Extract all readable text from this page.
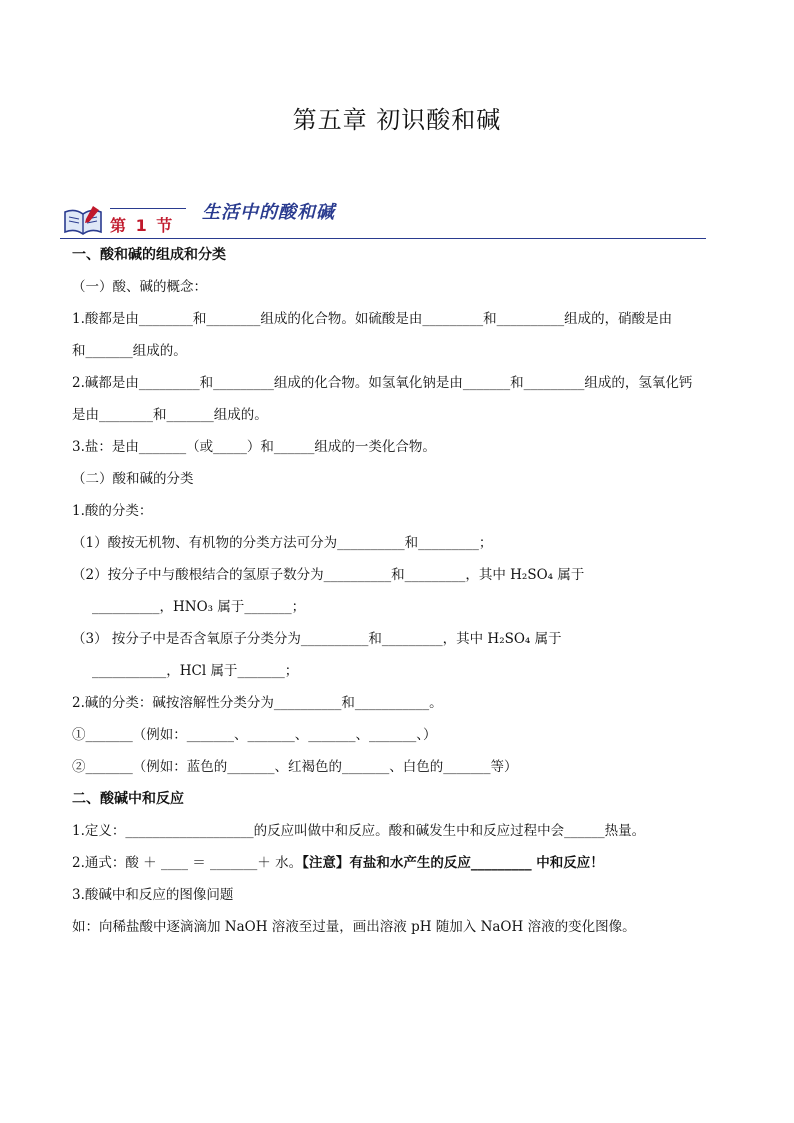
第五章 初识酸和碱
第 1 节
生活中的酸和碱
一、酸和碱的组成和分类
（一）酸、碱的概念：
1.酸都是由________和________组成的化合物。如硫酸是由_________和__________组成的，硝酸是由
和_______组成的。
2.碱都是由_________和_________组成的化合物。如氢氧化钠是由_______和_________组成的，氢氧化钙
是由________和_______组成的。
3.盐：是由_______（或_____）和______组成的一类化合物。
（二）酸和碱的分类
1.酸的分类：
（1）酸按无机物、有机物的分类方法可分为__________和_________；
（2）按分子中与酸根结合的氢原子数分为__________和_________，其中 H₂SO₄ 属于
__________，HNO₃ 属于_______；
（3） 按分子中是否含氧原子分类分为__________和_________，其中 H₂SO₄ 属于
___________，HCl 属于_______；
2.碱的分类：碱按溶解性分类分为__________和___________。
①_______（例如：_______、_______、_______、_______、）
②_______（例如：蓝色的_______、红褐色的_______、白色的_______等）
二、酸碱中和反应
1.定义：___________________的反应叫做中和反应。酸和碱发生中和反应过程中会______热量。
2.通式：酸 ＋ ____ ＝ _______＋ 水。【注意】有盐和水产生的反应_________ 中和反应！
3.酸碱中和反应的图像问题
如：向稀盐酸中逐滴滴加 NaOH 溶液至过量，画出溶液 pH 随加入 NaOH 溶液的变化图像。
